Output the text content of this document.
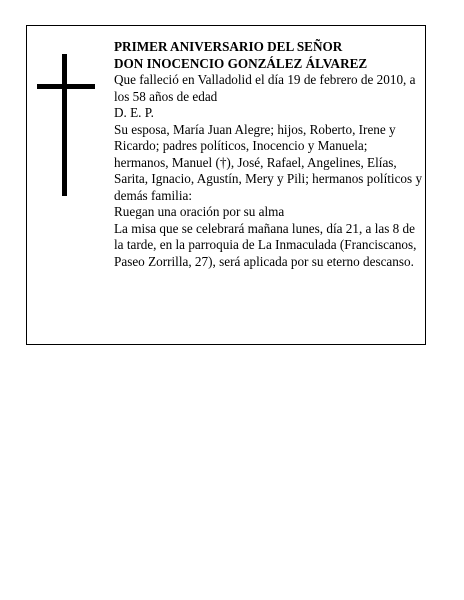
PRIMER ANIVERSARIO DEL SEÑOR
DON INOCENCIO GONZÁLEZ ÁLVAREZ
Que falleció en Valladolid el día 19 de febrero de 2010, a los 58 años de edad
D. E. P.
Su esposa, María Juan Alegre; hijos, Roberto, Irene y Ricardo; padres políticos, Inocencio y Manuela; hermanos, Manuel (†), José, Rafael, Angelines, Elías, Sarita, Ignacio, Agustín, Mery y Pili; hermanos políticos y demás familia:
Ruegan una oración por su alma
La misa que se celebrará mañana lunes, día 21, a las 8 de la tarde, en la parroquia de La Inmaculada (Franciscanos, Paseo Zorrilla, 27), será aplicada por su eterno descanso.
